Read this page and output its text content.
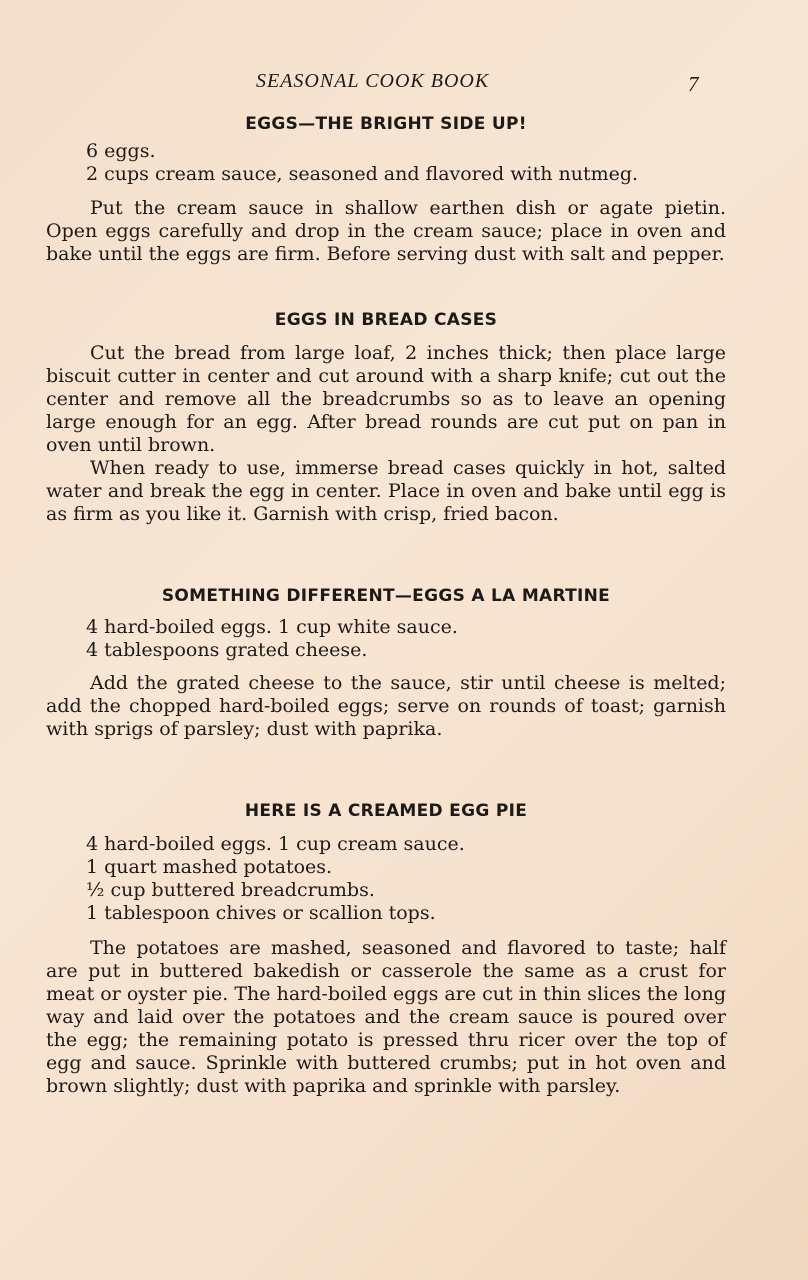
SEASONAL COOK BOOK	7
EGGS—THE BRIGHT SIDE UP!
6 eggs.
2 cups cream sauce, seasoned and flavored with nutmeg.

Put the cream sauce in shallow earthen dish or agate pietin. Open eggs carefully and drop in the cream sauce; place in oven and bake until the eggs are firm. Before serving dust with salt and pepper.

EGGS IN BREAD CASES

Cut the bread from large loaf, 2 inches thick; then place large biscuit cutter in center and cut around with a sharp knife; cut out the center and remove all the breadcrumbs so as to leave an opening large enough for an egg. After bread rounds are cut put on pan in oven until brown.

When ready to use, immerse bread cases quickly in hot, salted water and break the egg in center. Place in oven and bake until egg is as firm as you like it. Garnish with crisp, fried bacon.

SOMETHING DIFFERENT—EGGS A LA MARTINE
4 hard-boiled eggs. 1 cup white sauce.
4 tablespoons grated cheese.

Add the grated cheese to the sauce, stir until cheese is melted; add the chopped hard-boiled eggs; serve on rounds of toast; garnish with sprigs of parsley; dust with paprika.

HERE IS A CREAMED EGG PIE
4 hard-boiled eggs. 1 cup cream sauce.
1 quart mashed potatoes.
½ cup buttered breadcrumbs.
1 tablespoon chives or scallion tops.

The potatoes are mashed, seasoned and flavored to taste; half are put in buttered bakedish or casserole the same as a crust for meat or oyster pie. The hard-boiled eggs are cut in thin slices the long way and laid over the potatoes and the cream sauce is poured over the egg; the remaining potato is pressed thru ricer over the top of egg and sauce. Sprinkle with buttered crumbs; put in hot oven and brown slightly; dust with paprika and sprinkle with parsley.
